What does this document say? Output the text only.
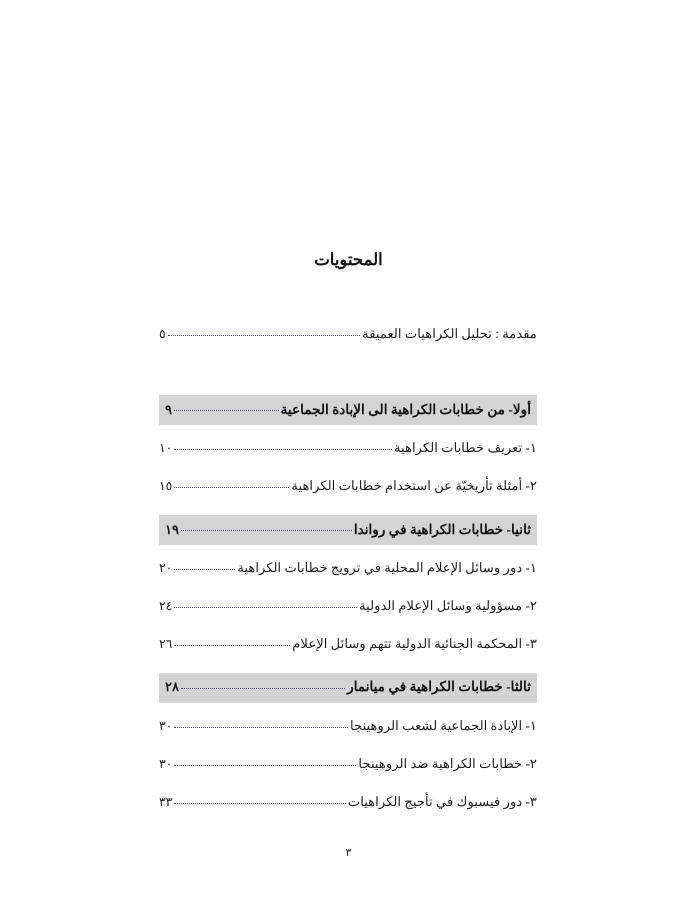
المحتويات
مقدمة : تحليل الكراهيات العميقة
٥
أولا- من خطابات الكراهية الى الإبادة الجماعية
٩
١- تعريف خطابات الكراهية
١٠
٢- أمثلة تأريخيّة عن استخدام خطابات الكراهية
١٥
ثانيا- خطابات الكراهية في رواندا
١٩
١- دور وسائل الإعلام المحلية في ترويج خطابات الكراهية
٢٠
٢- مسؤولية وسائل الإعلام الدولية
٢٤
٣- المحكمة الجنائية الدولية تتهم وسائل الإعلام
٢٦
ثالثا- خطابات الكراهية في ميانمار
٢٨
١- الإبادة الجماعية لشعب الروهينجا
٣٠
٢- خطابات الكراهية ضد الروهينجا
٣٠
٣- دور فيسبوك في تأجيج الكراهيات
٣٣
٣
